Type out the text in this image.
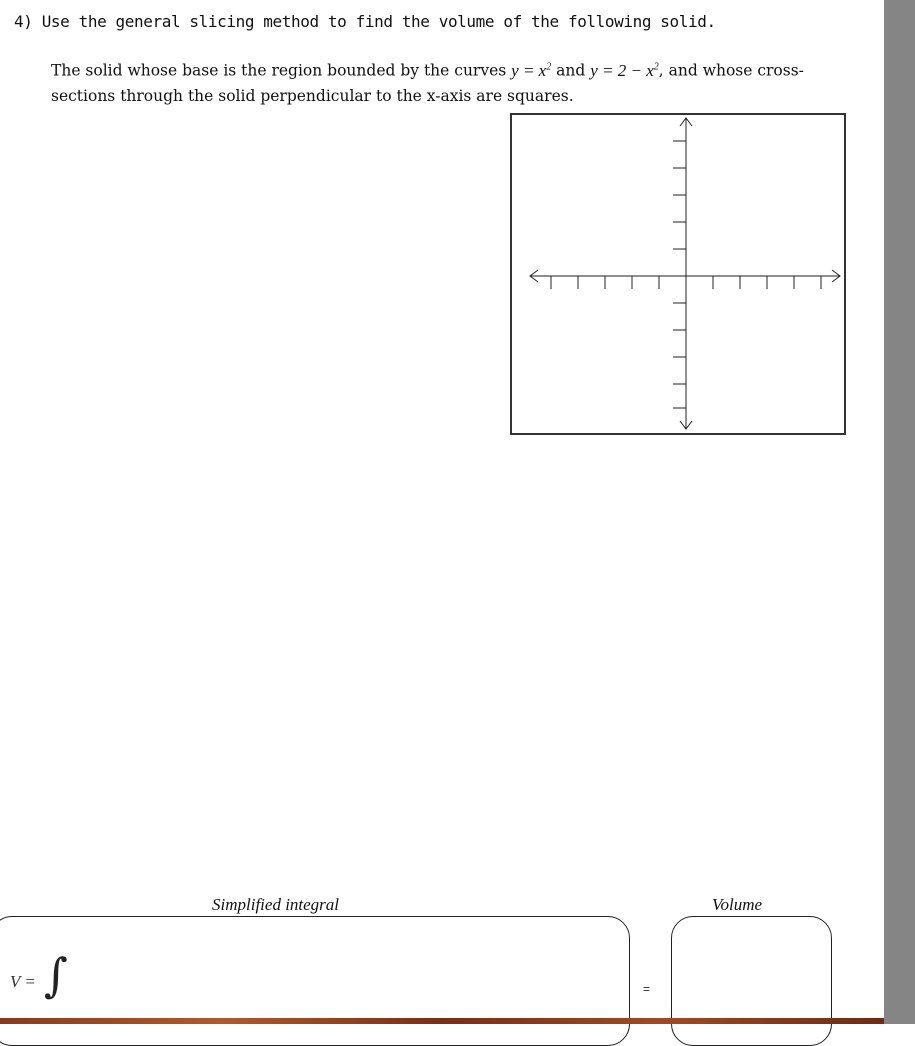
4) Use the general slicing method to find the volume of the following solid.
The solid whose base is the region bounded by the curves $y = x^2$ and $y = 2 - x^2$, and whose cross-sections through the solid perpendicular to the x-axis are squares.
Simplified integral	Volume
V = ∫	=
